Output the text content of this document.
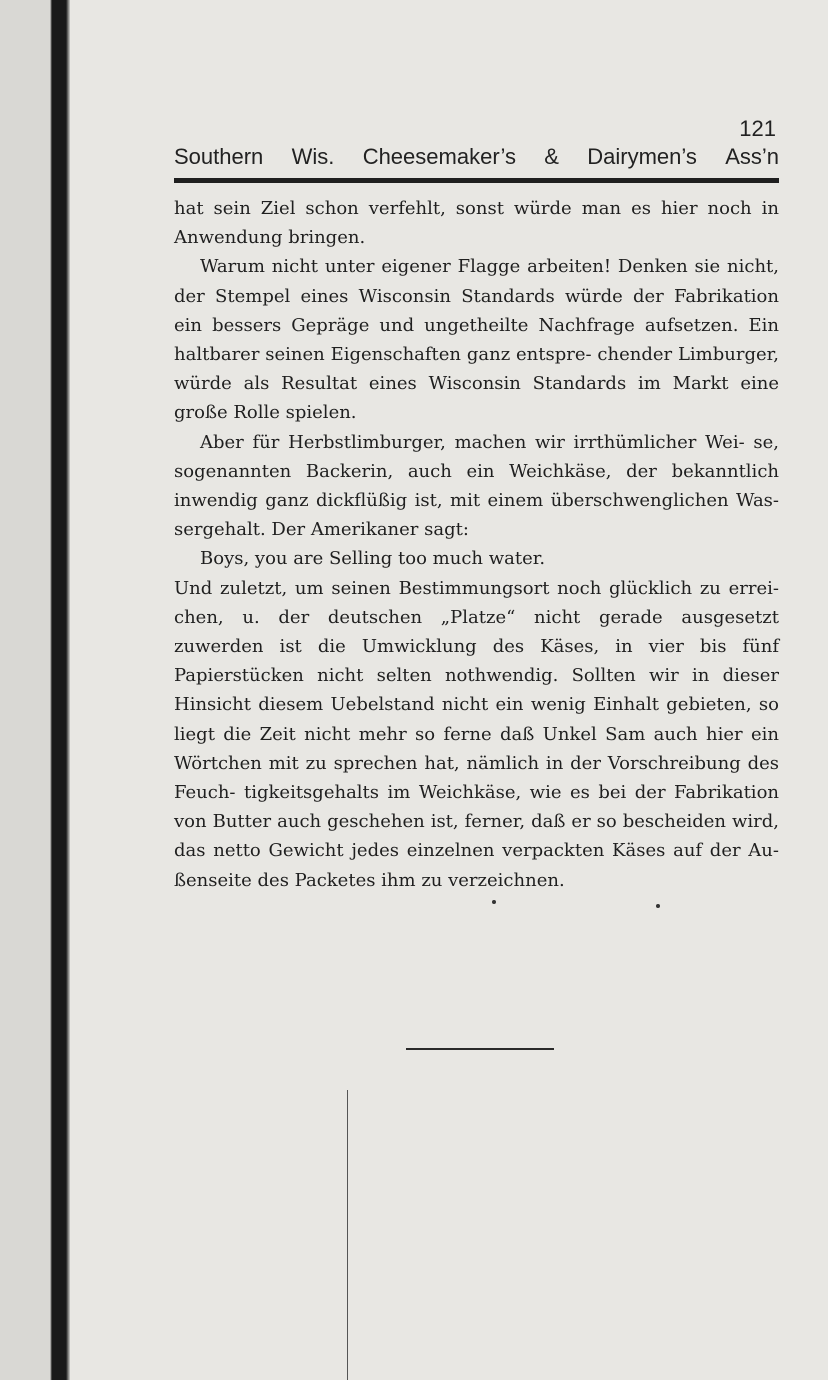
121
Southern Wis. Cheesemaker’s & Dairymen’s Ass’n

hat sein Ziel schon verfehlt, sonst würde man es hier noch in Anwendung bringen.

Warum nicht unter eigener Flagge arbeiten! Denken sie nicht, der Stempel eines Wisconsin Standards würde der Fabrikation ein bessers Gepräge und ungetheilte Nachfrage aufsetzen. Ein haltbarer seinen Eigenschaften ganz entspre- chender Limburger, würde als Resultat eines Wisconsin Standards im Markt eine große Rolle spielen.

Aber für Herbstlimburger, machen wir irrthümlicher Wei- se, sogenannten Backerin, auch ein Weichkäse, der bekanntlich inwendig ganz dickflüßig ist, mit einem überschwenglichen Was- sergehalt. Der Amerikaner sagt:

Boys, you are Selling too much water.

Und zuletzt, um seinen Bestimmungsort noch glücklich zu errei- chen, u. der deutschen „Platze“ nicht gerade ausgesetzt zuwerden ist die Umwicklung des Käses, in vier bis fünf Papierstücken nicht selten nothwendig. Sollten wir in dieser Hinsicht diesem Uebelstand nicht ein wenig Einhalt gebieten, so liegt die Zeit nicht mehr so ferne daß Unkel Sam auch hier ein Wörtchen mit zu sprechen hat, nämlich in der Vorschreibung des Feuch- tigkeitsgehalts im Weichkäse, wie es bei der Fabrikation von Butter auch geschehen ist, ferner, daß er so bescheiden wird, das netto Gewicht jedes einzelnen verpackten Käses auf der Au- ßenseite des Packetes ihm zu verzeichnen.
